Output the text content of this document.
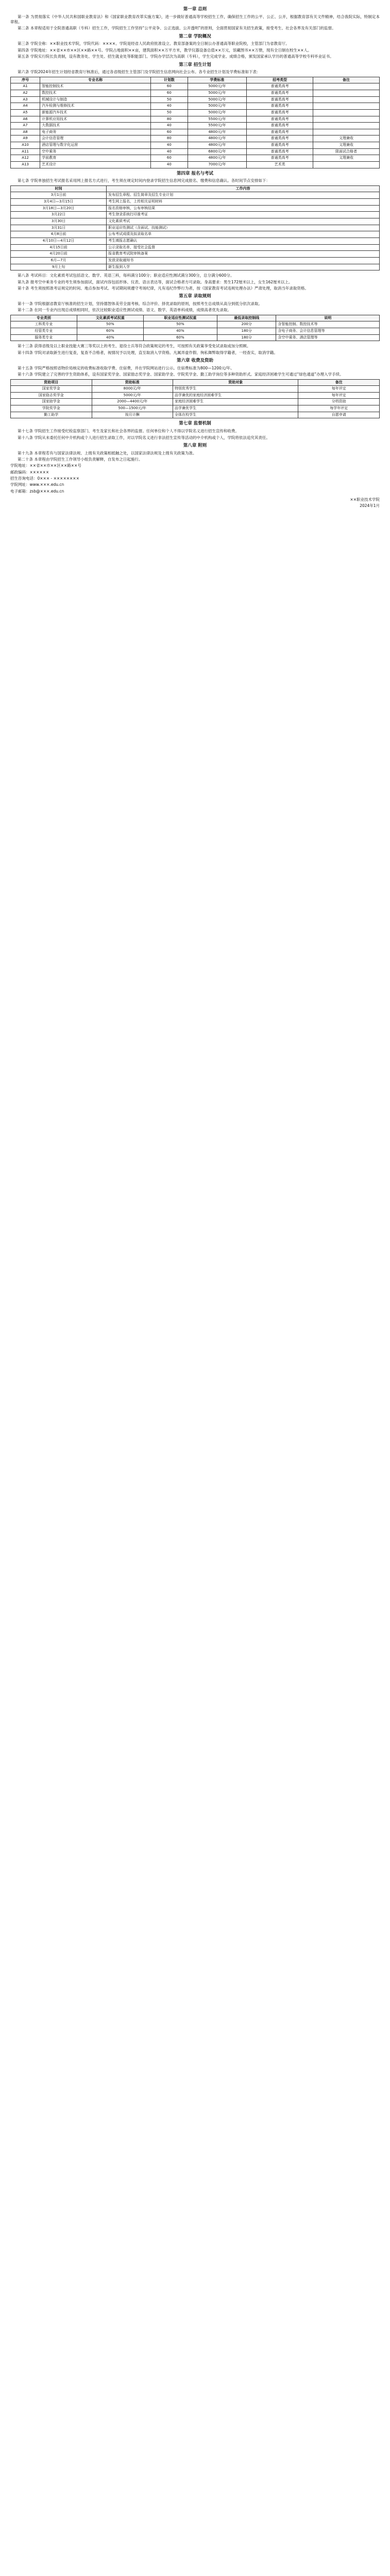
第一章 总则

第一条 为贯彻落实《中华人民共和国职业教育法》和《国家职业教育改革实施方案》，进一步做好普通高等学校招生工作，确保招生工作的公平、公正、公开，根据教育部有关文件精神，结合我院实际，特制定本章程。

第二条 本章程适用于全院普通高职（专科）招生工作，学院招生工作坚持“公平竞争、公正选拔、公开透明”的原则，全面贯彻国家有关招生政策，接受考生、社会各界及有关部门的监督。

第二章 学院概况

第三条 学院全称：××职业技术学院，学院代码：××××。学院是经省人民政府批准设立、教育部备案的全日制公办普通高等职业院校，主管部门为省教育厅。

第四条 学院地址：××省××市××区××路××号。学院占地面积××亩，建筑面积××万平方米，教学仪器设备总值××万元，馆藏图书××万册，现有全日制在校生××人。

第五条 学院实行院长负责制，设有教务处、学生处、招生就业处等职能部门。学院办学层次为高职（专科），学生完成学业、成绩合格，颁发国家承认学历的普通高等学校专科毕业证书。

第三章 招生计划

第六条 学院2024年招生计划经省教育厅核准后，通过各省级招生主管部门及学院招生信息网向社会公布。各专业招生计划及学费标准如下表：

序号	专业名称	计划数	学费标准	招考类型	备注
A1	智能控制技术	60	5000元/年	普通类高考	
A2	数控技术	60	5000元/年	普通类高考	
A3	机械设计与制造	50	5000元/年	普通类高考	
A4	汽车检测与维修技术	40	5000元/年	普通类高考	
A5	新能源汽车技术	50	5000元/年	普通类高考	
A6	计算机应用技术	80	5500元/年	普通类高考	
A7	大数据技术	40	5500元/年	普通类高考	
A8	电子商务	60	4800元/年	普通类高考	
A9	会计信息管理	80	4800元/年	普通类高考	文理兼收
A10	酒店管理与数字化运营	40	4800元/年	普通类高考	文理兼收
A11	空中乘务	40	6800元/年	普通类高考	限面试合格者
A12	学前教育	60	4800元/年	普通类高考	文理兼收
A13	艺术设计	40	7000元/年	艺术类	
第四章 报名与考试

第七条 学院单独招生考试报名采用网上报名方式进行，考生须在规定时间内登录学院招生信息网完成报名、缴费和信息确认。各时间节点安排如下：

时间	工作内容
3月1日前	发布招生章程、招生简章及招生专业计划
3月4日—3月15日	考生网上报名，上传相关证明材料
3月18日—3月20日	报名资格审核，公布审核结果
3月22日	考生登录系统打印准考证
3月30日	文化素质考试
3月31日	职业适应性测试（含面试、技能测试）
4月8日前	公布考试成绩及拟录取名单
4月10日—4月12日	考生填报志愿确认
4月15日前	公示录取名单，接受社会监督
4月20日前	报省教育考试院审核备案
6月—7月	发放录取通知书
9月上旬	新生报到入学

第八条 考试科目：文化素质考试包括语文、数学、英语三科，每科满分100分；职业适应性测试满分300分，总分满分600分。

第九条 报考空中乘务专业的考生须参加面试，面试内容包括形体、仪表、语言表达等，面试合格者方可录取。身高要求：男生172厘米以上，女生162厘米以上。

第十条 考生须按照准考证规定的时间、地点参加考试。考试期间须遵守考场纪律，凡有违纪作弊行为者，按《国家教育考试违规处理办法》严肃处理，取消当年录取资格。

第五章 录取规则

第十一条 学院根据省教育厅核准的招生计划，坚持德智体美劳全面考核、综合评价、择优录取的原则，按照考生总成绩从高分到低分依次录取。

第十二条 在同一专业内出现总成绩相同时，依次比较职业适应性测试成绩、语文、数学、英语单科成绩，成绩高者优先录取。

专业类别	文化素质考试权重	职业适应性测试权重	最低录取控制线	说明
工科类专业	50%	50%	200分	含智能控制、数控技术等
经管类专业	60%	40%	180分	含电子商务、会计信息管理等
服务类专业	40%	60%	180分	含空中乘务、酒店管理等

第十三条 获得省级及以上职业技能大赛三等奖以上的考生、退役士兵等符合政策规定的考生，可按照有关政策享受免试录取或加分照顾。

第十四条 学院对录取新生进行复查，复查不合格者，视情况予以处理，直至取消入学资格。凡属弄虚作假、徇私舞弊取得学籍者，一经查实，取消学籍。

第六章 收费及资助

第十五条 学院严格按照省物价局核定的收费标准收取学费、住宿费，并在学院网站进行公示。住宿费标准为800—1200元/年。

第十六条 学院建立了完善的学生资助体系，设有国家奖学金、国家励志奖学金、国家助学金、学院奖学金、勤工助学岗位等多种资助形式。家庭经济困难学生可通过“绿色通道”办理入学手续。

资助项目	资助标准	资助对象	备注
国家奖学金	8000元/年	特别优秀学生	每年评定
国家励志奖学金	5000元/年	品学兼优的家庭经济困难学生	每年评定
国家助学金	2000—4400元/年	家庭经济困难学生	分档资助
学院奖学金	500—1500元/年	品学兼优学生	每学年评定
勤工助学	按月计酬	全体在校学生	自愿申请
第七章 监督机制

第十七条 学院招生工作接受纪检监察部门、考生及家长和社会各界的监督。任何单位和个人不得以学院名义进行招生宣传和收费。

第十八条 学院从未委托任何中介机构或个人进行招生录取工作，对以学院名义进行非法招生宣传等活动的中介机构或个人，学院将依法追究其责任。

第八章 附则

第十九条 本章程若有与国家法律法规、上级有关政策相抵触之处，以国家法律法规及上级有关政策为准。

第二十条 本章程由学院招生工作领导小组负责解释，自发布之日起施行。

学院地址：××省××市××区××路××号

邮政编码：××××××

招生咨询电话：0××× - ××××××××

学院网址：www.×××.edu.cn

电子邮箱：zsb@×××.edu.cn

××职业技术学院

2024年1月
